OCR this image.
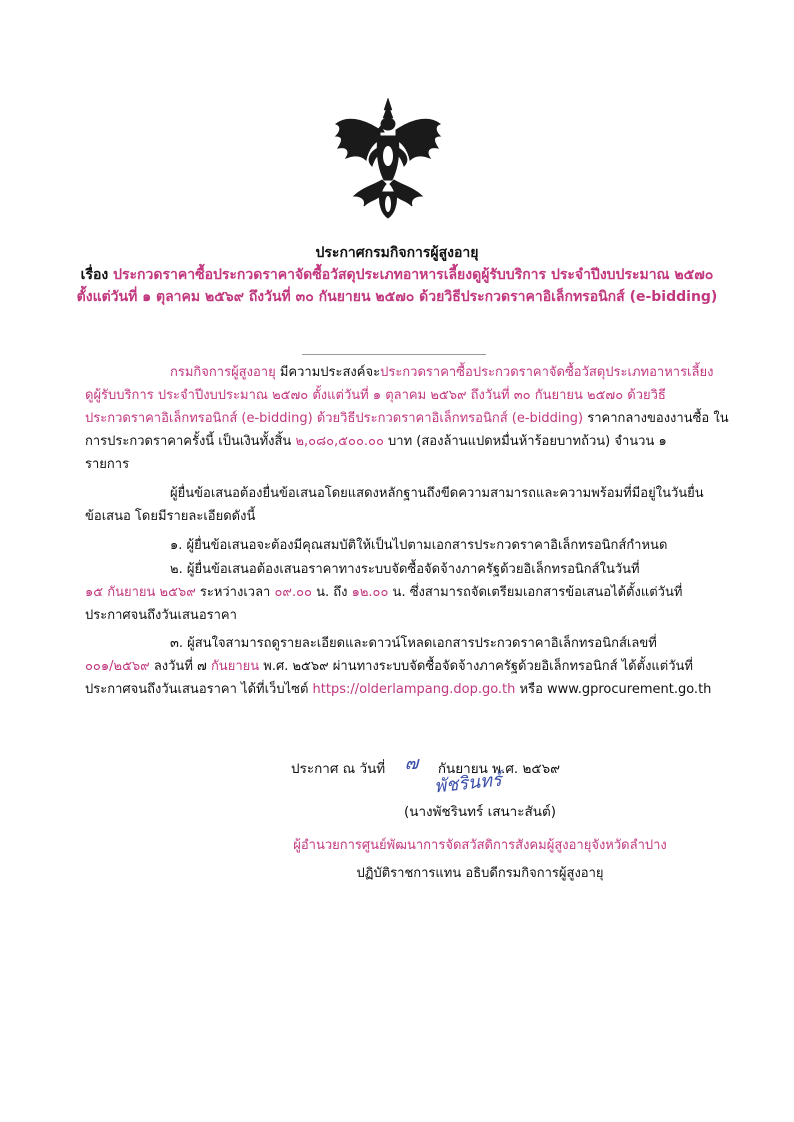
ประกาศกรมกิจการผู้สูงอายุ
เรื่อง ประกวดราคาซื้อประกวดราคาจัดซื้อวัสดุประเภทอาหารเลี้ยงดูผู้รับบริการ ประจำปีงบประมาณ ๒๕๗๐
ตั้งแต่วันที่ ๑ ตุลาคม ๒๕๖๙ ถึงวันที่ ๓๐ กันยายน ๒๕๗๐ ด้วยวิธีประกวดราคาอิเล็กทรอนิกส์ (e-bidding)
กรมกิจการผู้สูงอายุ มีความประสงค์จะประกวดราคาซื้อประกวดราคาจัดซื้อวัสดุประเภทอาหารเลี้ยง
ดูผู้รับบริการ ประจำปีงบประมาณ ๒๕๗๐ ตั้งแต่วันที่ ๑ ตุลาคม ๒๕๖๙ ถึงวันที่ ๓๐ กันยายน ๒๕๗๐ ด้วยวิธี
ประกวดราคาอิเล็กทรอนิกส์ (e-bidding) ด้วยวิธีประกวดราคาอิเล็กทรอนิกส์ (e-bidding) ราคากลางของงานซื้อ ใน
การประกวดราคาครั้งนี้ เป็นเงินทั้งสิ้น ๒,๐๘๐,๕๐๐.๐๐ บาท (สองล้านแปดหมื่นห้าร้อยบาทถ้วน) จำนวน ๑
รายการ
ผู้ยื่นข้อเสนอต้องยื่นข้อเสนอโดยแสดงหลักฐานถึงขีดความสามารถและความพร้อมที่มีอยู่ในวันยื่น
ข้อเสนอ โดยมีรายละเอียดดังนี้
๑. ผู้ยื่นข้อเสนอจะต้องมีคุณสมบัติให้เป็นไปตามเอกสารประกวดราคาอิเล็กทรอนิกส์กำหนด
๒. ผู้ยื่นข้อเสนอต้องเสนอราคาทางระบบจัดซื้อจัดจ้างภาครัฐด้วยอิเล็กทรอนิกส์ในวันที่
๑๕ กันยายน ๒๕๖๙ ระหว่างเวลา ๐๙.๐๐ น. ถึง ๑๒.๐๐ น. ซึ่งสามารถจัดเตรียมเอกสารข้อเสนอได้ตั้งแต่วันที่
ประกาศจนถึงวันเสนอราคา
๓. ผู้สนใจสามารถดูรายละเอียดและดาวน์โหลดเอกสารประกวดราคาอิเล็กทรอนิกส์เลขที่
๐๐๑/๒๕๖๙ ลงวันที่ ๗ กันยายน พ.ศ. ๒๕๖๙ ผ่านทางระบบจัดซื้อจัดจ้างภาครัฐด้วยอิเล็กทรอนิกส์ ได้ตั้งแต่วันที่
ประกาศจนถึงวันเสนอราคา ได้ที่เว็บไซต์ https://olderlampang.dop.go.th หรือ www.gprocurement.go.th
ประกาศ ณ วันที่ ๗ กันยายน พ.ศ. ๒๕๖๙
พัชรินทร์
(นางพัชรินทร์ เสนาะสันต์)
ผู้อำนวยการศูนย์พัฒนาการจัดสวัสดิการสังคมผู้สูงอายุจังหวัดลำปาง
ปฏิบัติราชการแทน อธิบดีกรมกิจการผู้สูงอายุ
